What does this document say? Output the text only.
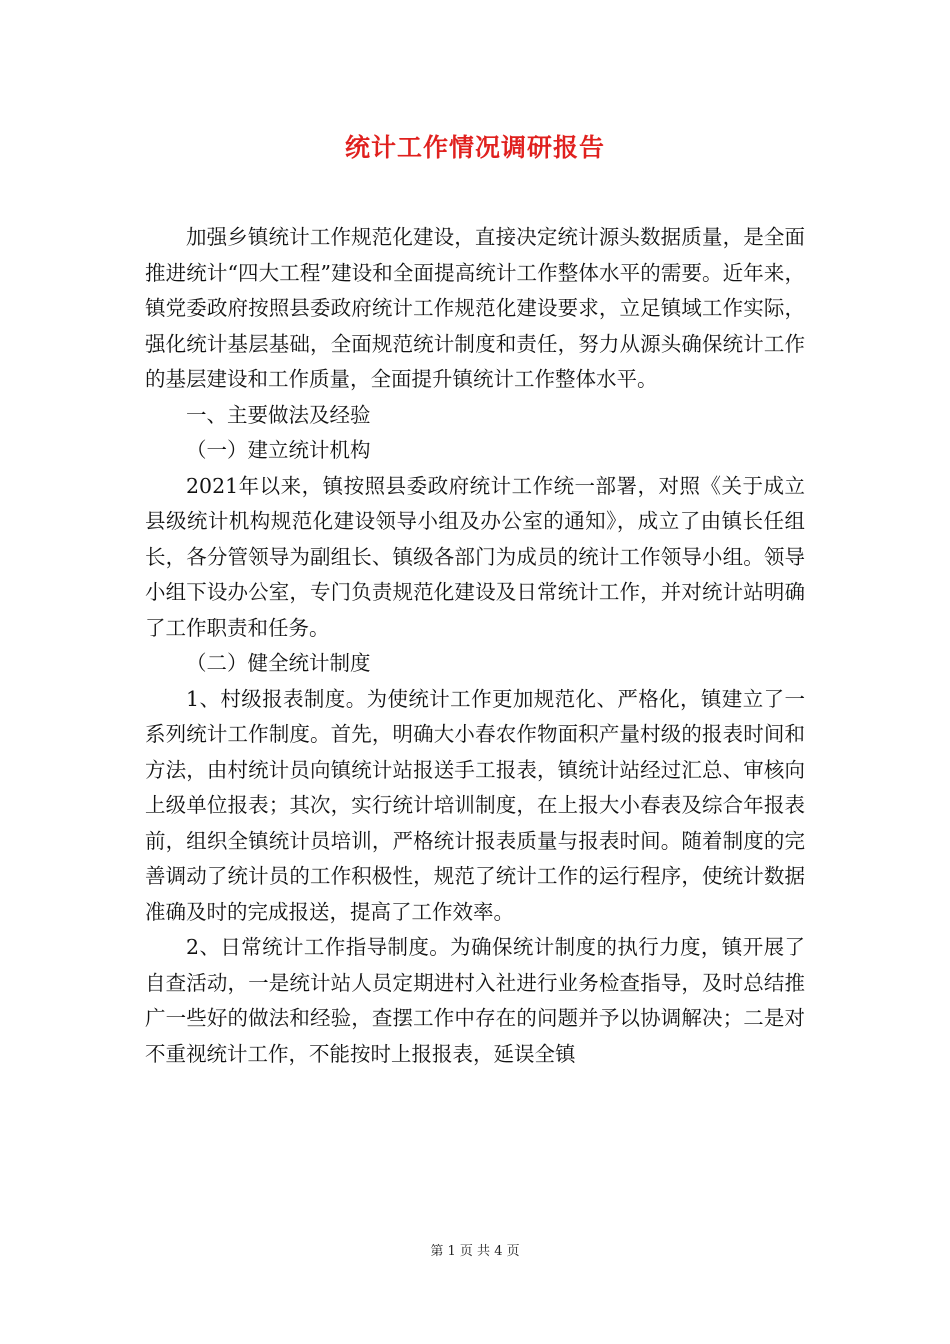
统计工作情况调研报告

加强乡镇统计工作规范化建设，直接决定统计源头数据质量，是全面推进统计“四大工程”建设和全面提高统计工作整体水平的需要。近年来，镇党委政府按照县委政府统计工作规范化建设要求，立足镇域工作实际，强化统计基层基础，全面规范统计制度和责任，努力从源头确保统计工作的基层建设和工作质量，全面提升镇统计工作整体水平。

一、主要做法及经验

（一）建立统计机构

2021年以来，镇按照县委政府统计工作统一部署，对照《关于成立县级统计机构规范化建设领导小组及办公室的通知》，成立了由镇长任组长，各分管领导为副组长、镇级各部门为成员的统计工作领导小组。领导小组下设办公室，专门负责规范化建设及日常统计工作，并对统计站明确了工作职责和任务。

（二）健全统计制度

1、村级报表制度。为使统计工作更加规范化、严格化，镇建立了一系列统计工作制度。首先，明确大小春农作物面积产量村级的报表时间和方法，由村统计员向镇统计站报送手工报表，镇统计站经过汇总、审核向上级单位报表；其次，实行统计培训制度，在上报大小春表及综合年报表前，组织全镇统计员培训，严格统计报表质量与报表时间。随着制度的完善调动了统计员的工作积极性，规范了统计工作的运行程序，使统计数据准确及时的完成报送，提高了工作效率。

2、日常统计工作指导制度。为确保统计制度的执行力度，镇开展了自查活动，一是统计站人员定期进村入社进行业务检查指导，及时总结推广一些好的做法和经验，查摆工作中存在的问题并予以协调解决；二是对不重视统计工作，不能按时上报报表，延误全镇

第 1 页 共 4 页
